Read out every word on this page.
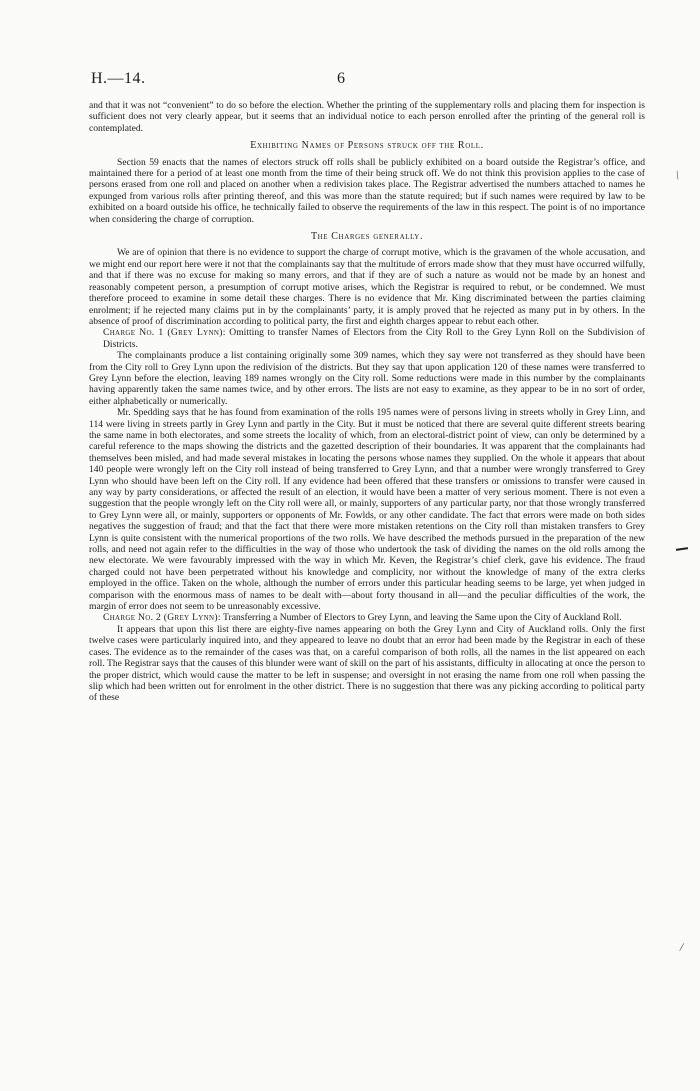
H.—14.	6

and that it was not “convenient” to do so before the election. Whether the printing of the supplementary rolls and placing them for inspection is sufficient does not very clearly appear, but it seems that an individual notice to each person enrolled after the printing of the general roll is contemplated.

Exhibiting Names of Persons struck off the Roll.

Section 59 enacts that the names of electors struck off rolls shall be publicly exhibited on a board outside the Registrar’s office, and maintained there for a period of at least one month from the time of their being struck off. We do not think this provision applies to the case of persons erased from one roll and placed on another when a redivision takes place. The Registrar advertised the numbers attached to names he expunged from various rolls after printing thereof, and this was more than the statute required; but if such names were required by law to be exhibited on a board outside his office, he technically failed to observe the requirements of the law in this respect. The point is of no importance when considering the charge of corruption.

The Charges generally.

We are of opinion that there is no evidence to support the charge of corrupt motive, which is the gravamen of the whole accusation, and we might end our report here were it not that the complainants say that the multitude of errors made show that they must have occurred wilfully, and that if there was no excuse for making so many errors, and that if they are of such a nature as would not be made by an honest and reasonably competent person, a presumption of corrupt motive arises, which the Registrar is required to rebut, or be condemned. We must therefore proceed to examine in some detail these charges. There is no evidence that Mr. King discriminated between the parties claiming enrolment; if he rejected many claims put in by the complainants’ party, it is amply proved that he rejected as many put in by others. In the absence of proof of discrimination according to political party, the first and eighth charges appear to rebut each other.

Charge No. 1 (Grey Lynn): Omitting to transfer Names of Electors from the City Roll to the Grey Lynn Roll on the Subdivision of Districts.

The complainants produce a list containing originally some 309 names, which they say were not transferred as they should have been from the City roll to Grey Lynn upon the redivision of the districts. But they say that upon application 120 of these names were transferred to Grey Lynn before the election, leaving 189 names wrongly on the City roll. Some reductions were made in this number by the complainants having apparently taken the same names twice, and by other errors. The lists are not easy to examine, as they appear to be in no sort of order, either alphabetically or numerically.

Mr. Spedding says that he has found from examination of the rolls 195 names were of persons living in streets wholly in Grey Linn, and 114 were living in streets partly in Grey Lynn and partly in the City. But it must be noticed that there are several quite different streets bearing the same name in both electorates, and some streets the locality of which, from an electoral-district point of view, can only be determined by a careful reference to the maps showing the districts and the gazetted description of their boundaries. It was apparent that the complainants had themselves been misled, and had made several mistakes in locating the persons whose names they supplied. On the whole it appears that about 140 people were wrongly left on the City roll instead of being transferred to Grey Lynn, and that a number were wrongly transferred to Grey Lynn who should have been left on the City roll. If any evidence had been offered that these transfers or omissions to transfer were caused in any way by party considerations, or affected the result of an election, it would have been a matter of very serious moment. There is not even a suggestion that the people wrongly left on the City roll were all, or mainly, supporters of any particular party, nor that those wrongly transferred to Grey Lynn were all, or mainly, supporters or opponents of Mr. Fowlds, or any other candidate. The fact that errors were made on both sides negatives the suggestion of fraud; and that the fact that there were more mistaken retentions on the City roll than mistaken transfers to Grey Lynn is quite consistent with the numerical proportions of the two rolls. We have described the methods pursued in the preparation of the new rolls, and need not again refer to the difficulties in the way of those who undertook the task of dividing the names on the old rolls among the new electorate. We were favourably impressed with the way in which Mr. Keven, the Registrar’s chief clerk, gave his evidence. The fraud charged could not have been perpetrated without his knowledge and complicity, nor without the knowledge of many of the extra clerks employed in the office. Taken on the whole, although the number of errors under this particular heading seems to be large, yet when judged in comparison with the enormous mass of names to be dealt with—about forty thousand in all—and the peculiar difficulties of the work, the margin of error does not seem to be unreasonably excessive.

Charge No. 2 (Grey Lynn): Transferring a Number of Electors to Grey Lynn, and leaving the Same upon the City of Auckland Roll.

It appears that upon this list there are eighty-five names appearing on both the Grey Lynn and City of Auckland rolls. Only the first twelve cases were particularly inquired into, and they appeared to leave no doubt that an error had been made by the Registrar in each of these cases. The evidence as to the remainder of the cases was that, on a careful comparison of both rolls, all the names in the list appeared on each roll. The Registrar says that the causes of this blunder were want of skill on the part of his assistants, difficulty in allocating at once the person to the proper district, which would cause the matter to be left in suspense; and oversight in not erasing the name from one roll when passing the slip which had been written out for enrolment in the other district. There is no suggestion that there was any picking according to political party of these

/
/
